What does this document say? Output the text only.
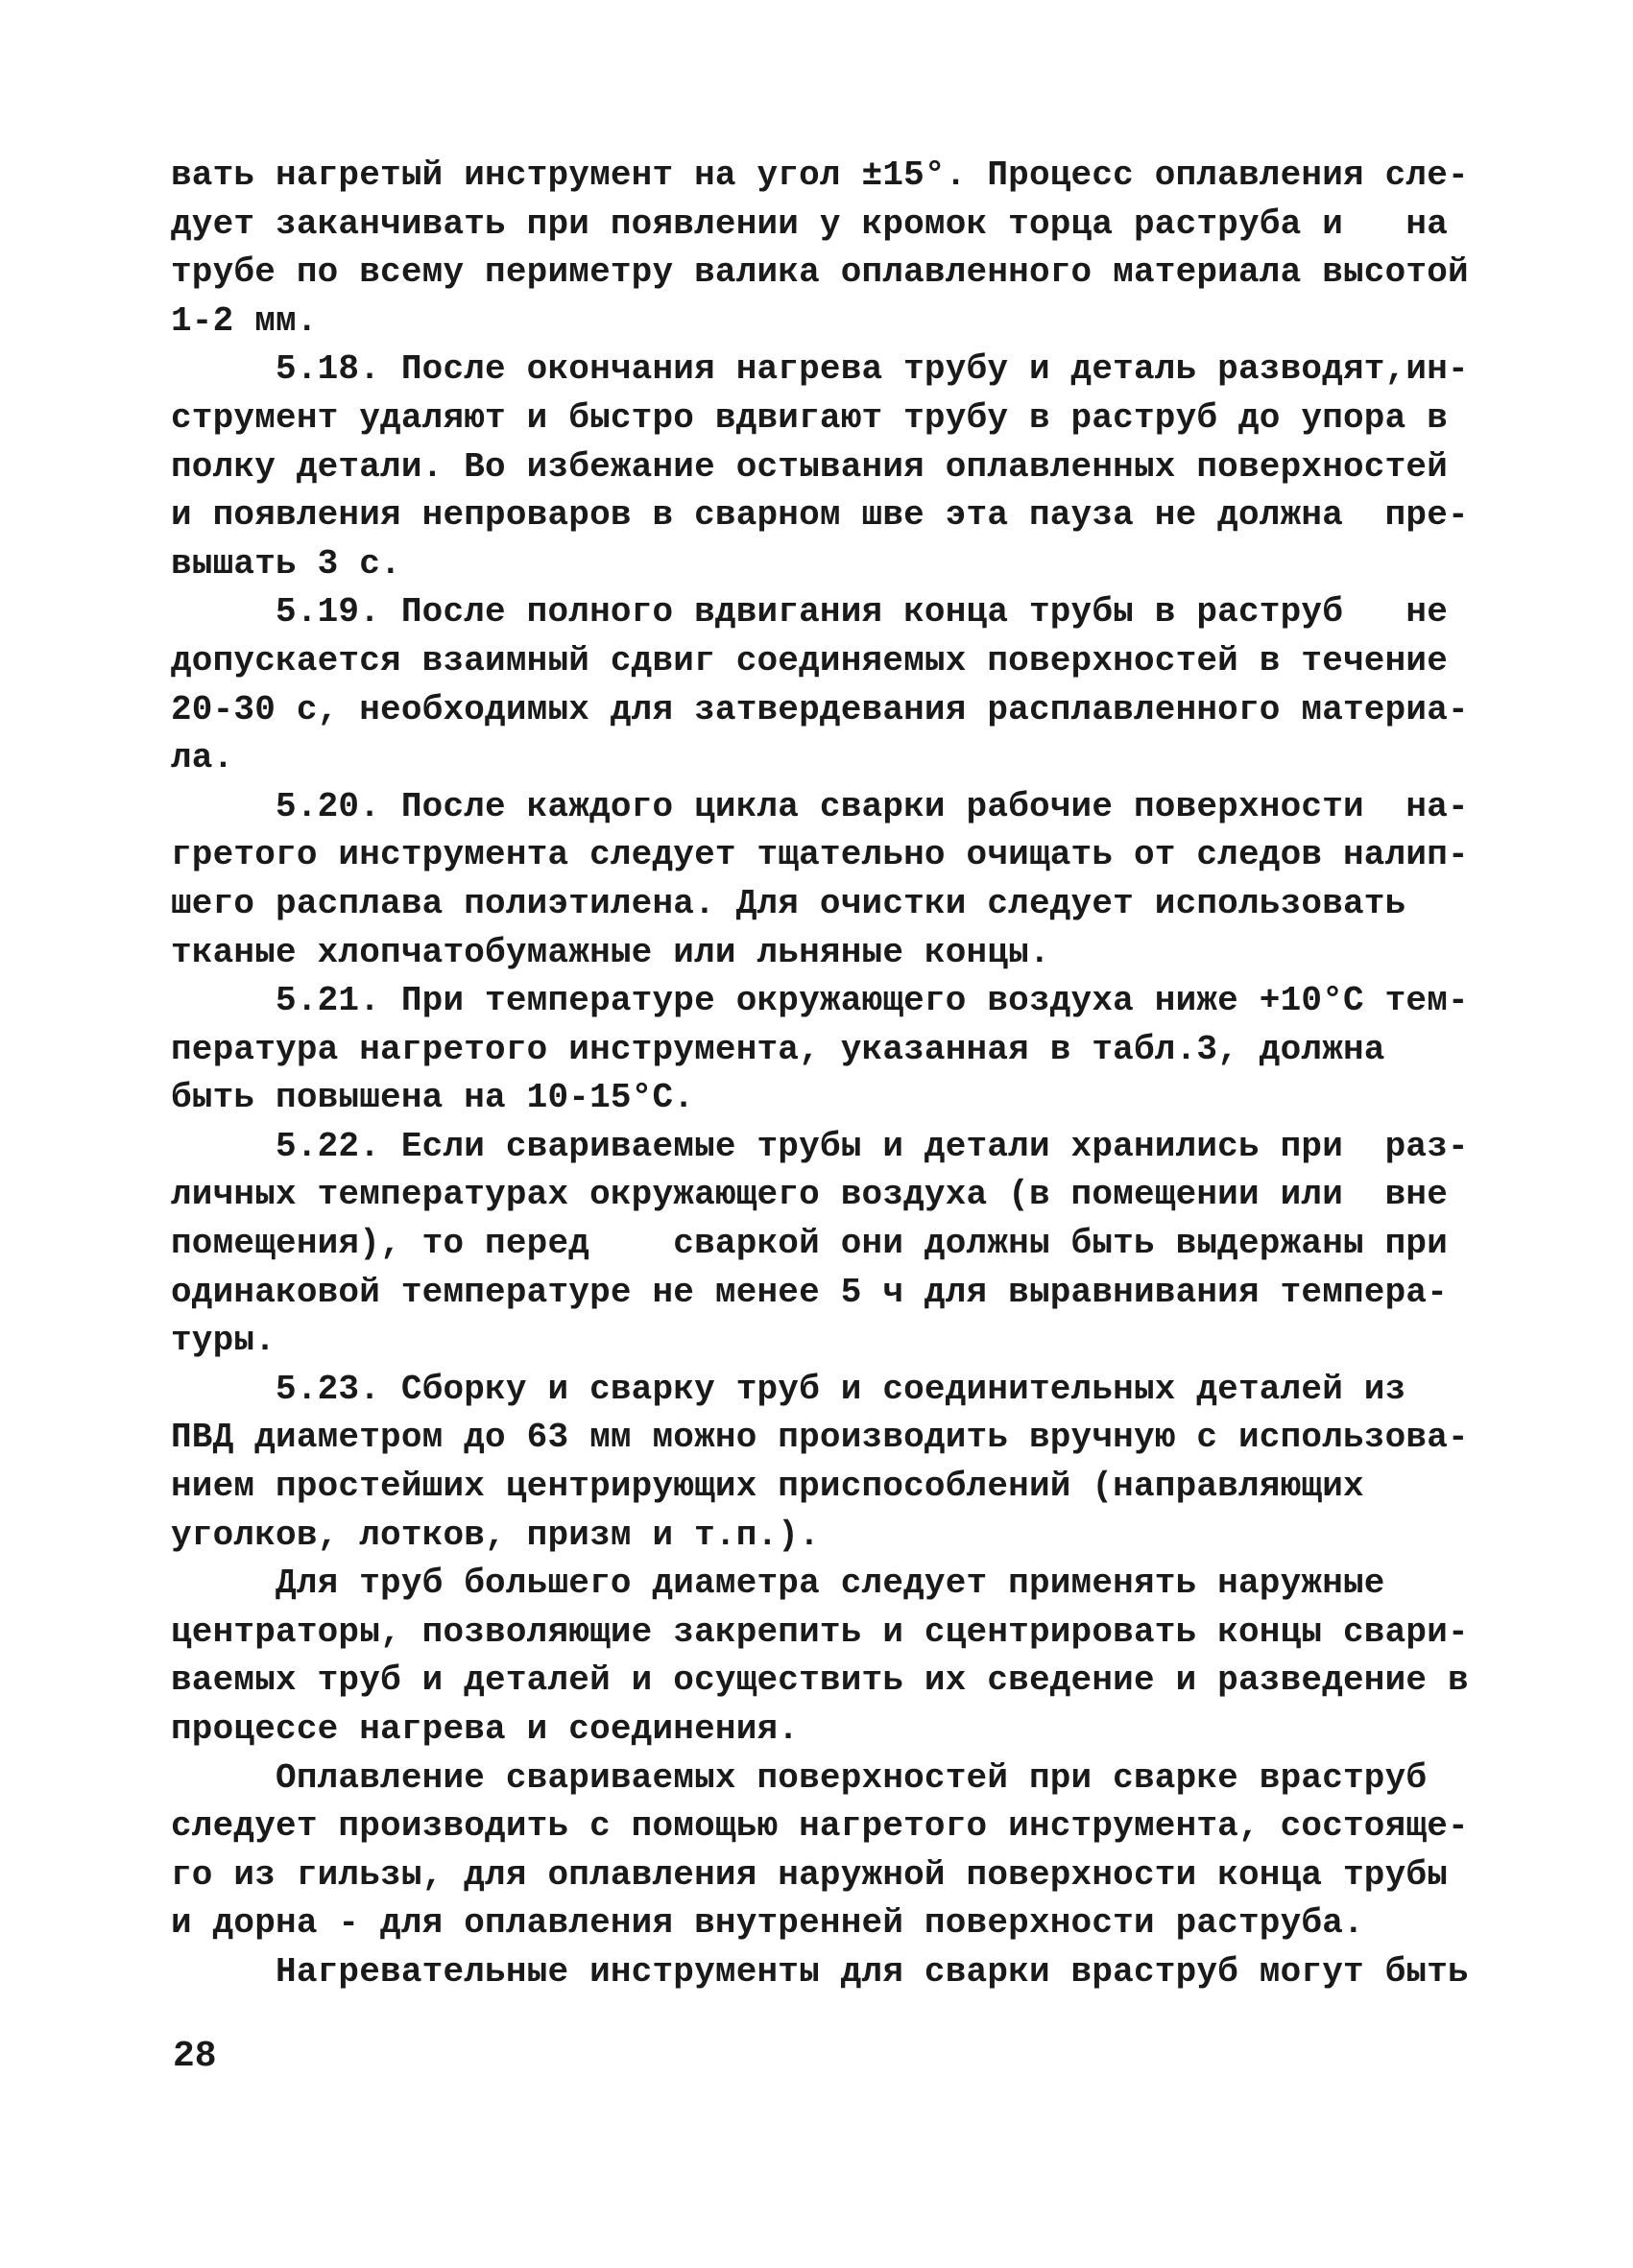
вать нагретый инструмент на угол ±15°. Процесс оплавления сле-
дует заканчивать при появлении у кромок торца раструба и   на
трубе по всему периметру валика оплавленного материала высотой
1-2 мм.
5.18. После окончания нагрева трубу и деталь разводят,ин-
струмент удаляют и быстро вдвигают трубу в раструб до упора в
полку детали. Во избежание остывания оплавленных поверхностей
и появления непроваров в сварном шве эта пауза не должна  пре-
вышать 3 с.
5.19. После полного вдвигания конца трубы в раструб   не
допускается взаимный сдвиг соединяемых поверхностей в течение
20-30 с, необходимых для затвердевания расплавленного материа-
ла.
5.20. После каждого цикла сварки рабочие поверхности  на-
гретого инструмента следует тщательно очищать от следов налип-
шего расплава полиэтилена. Для очистки следует использовать
тканые хлопчатобумажные или льняные концы.
5.21. При температуре окружающего воздуха ниже +10°С тем-
пература нагретого инструмента, указанная в табл.3, должна
быть повышена на 10-15°С.
5.22. Если свариваемые трубы и детали хранились при  раз-
личных температурах окружающего воздуха (в помещении или  вне
помещения), то перед    сваркой они должны быть выдержаны при
одинаковой температуре не менее 5 ч для выравнивания темпера-
туры.
5.23. Сборку и сварку труб и соединительных деталей из
ПВД диаметром до 63 мм можно производить вручную с использова-
нием простейших центрирующих приспособлений (направляющих
уголков, лотков, призм и т.п.).
Для труб большего диаметра следует применять наружные
центраторы, позволяющие закрепить и сцентрировать концы свари-
ваемых труб и деталей и осуществить их сведение и разведение в
процессе нагрева и соединения.
Оплавление свариваемых поверхностей при сварке враструб
следует производить с помощью нагретого инструмента, состояще-
го из гильзы, для оплавления наружной поверхности конца трубы
и дорна - для оплавления внутренней поверхности раструба.
Нагревательные инструменты для сварки враструб могут быть
28
